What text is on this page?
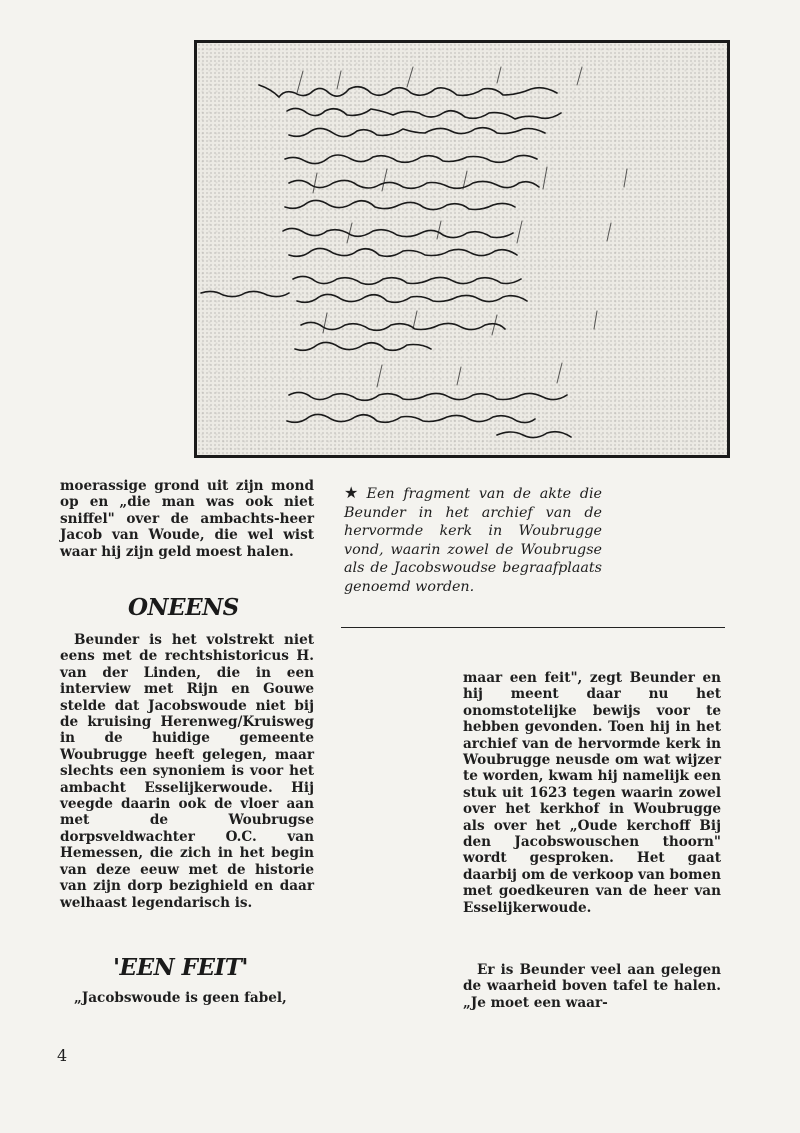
moerassige grond uit zijn mond op en „die man was ook niet sniffel" over de ambachts-heer Jacob van Woude, die wel wist waar hij zijn geld moest halen.

ONEENS

Beunder is het volstrekt niet eens met de rechtshistoricus H. van der Linden, die in een interview met Rijn en Gouwe stelde dat Jacobswoude niet bij de kruising Herenweg/Kruisweg in de huidige gemeente Woubrugge heeft gelegen, maar slechts een synoniem is voor het ambacht Esselijkerwoude. Hij veegde daarin ook de vloer aan met de Woubrugse dorpsveldwachter O.C. van Hemessen, die zich in het begin van deze eeuw met de historie van zijn dorp bezighield en daar welhaast legendarisch is.

'EEN FEIT'

„Jacobswoude is geen fabel,

★ Een fragment van de akte die Beunder in het archief van de hervormde kerk in Woubrugge vond, waarin zowel de Woubrugse als de Jacobswoudse begraafplaats genoemd worden.

maar een feit", zegt Beunder en hij meent daar nu het onomstotelijke bewijs voor te hebben gevonden. Toen hij in het archief van de hervormde kerk in Woubrugge neusde om wat wijzer te worden, kwam hij namelijk een stuk uit 1623 tegen waarin zowel over het kerkhof in Woubrugge als over het „Oude kerchoff Bij den Jacobswouschen thoorn" wordt gesproken. Het gaat daarbij om de verkoop van bomen met goedkeuren van de heer van Esselijkerwoude.

Er is Beunder veel aan gelegen de waarheid boven tafel te halen. „Je moet een waar-

4
